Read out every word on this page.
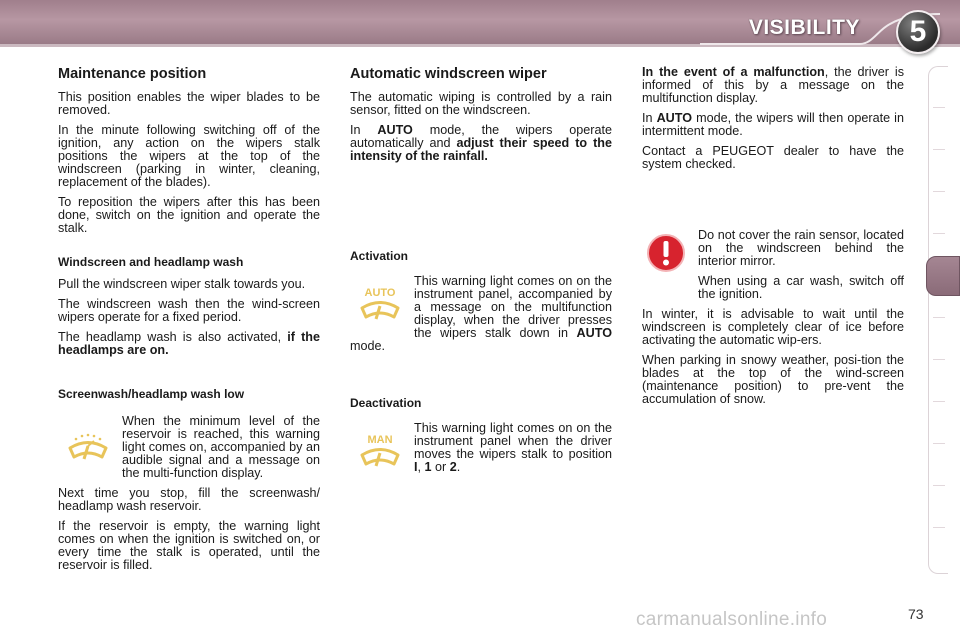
VISIBILITY	5
Maintenance position

This position enables the wiper blades to be removed.

In the minute following switching off of the ignition, any action on the wipers stalk positions the wipers at the top of the windscreen (parking in winter, cleaning, replacement of the blades).

To reposition the wipers after this has been done, switch on the ignition and operate the stalk.

Windscreen and headlamp wash

Pull the windscreen wiper stalk towards you.

The windscreen wash then the wind-screen wipers operate for a fixed period.

The headlamp wash is also activated, if the headlamps are on.

Screenwash/headlamp wash low

When the minimum level of the reservoir is reached, this warning light comes on, accompanied by an audible signal and a message on the multi-function display.

Next time you stop, fill the screenwash/ headlamp wash reservoir.

If the reservoir is empty, the warning light comes on when the ignition is switched on, or every time the stalk is operated, until the reservoir is filled.

Automatic windscreen wiper

The automatic wiping is controlled by a rain sensor, fitted on the windscreen.

In AUTO mode, the wipers operate automatically and adjust their speed to the intensity of the rainfall.

Activation
AUTO

This warning light comes on on the instrument panel, accompanied by a message on the multifunction display, when the driver presses the wipers stalk down in AUTO mode.

Deactivation
MAN

This warning light comes on on the instrument panel when the driver moves the wipers stalk to position I, 1 or 2.

In the event of a malfunction, the driver is informed of this by a message on the multifunction display.

In AUTO mode, the wipers will then operate in intermittent mode.

Contact a PEUGEOT dealer to have the system checked.

Do not cover the rain sensor, located on the windscreen behind the interior mirror.

When using a car wash, switch off the ignition.

In winter, it is advisable to wait until the windscreen is completely clear of ice before activating the automatic wip-ers.

When parking in snowy weather, posi-tion the blades at the top of the wind-screen (maintenance position) to pre-vent the accumulation of snow.

carmanualsonline.info	73
